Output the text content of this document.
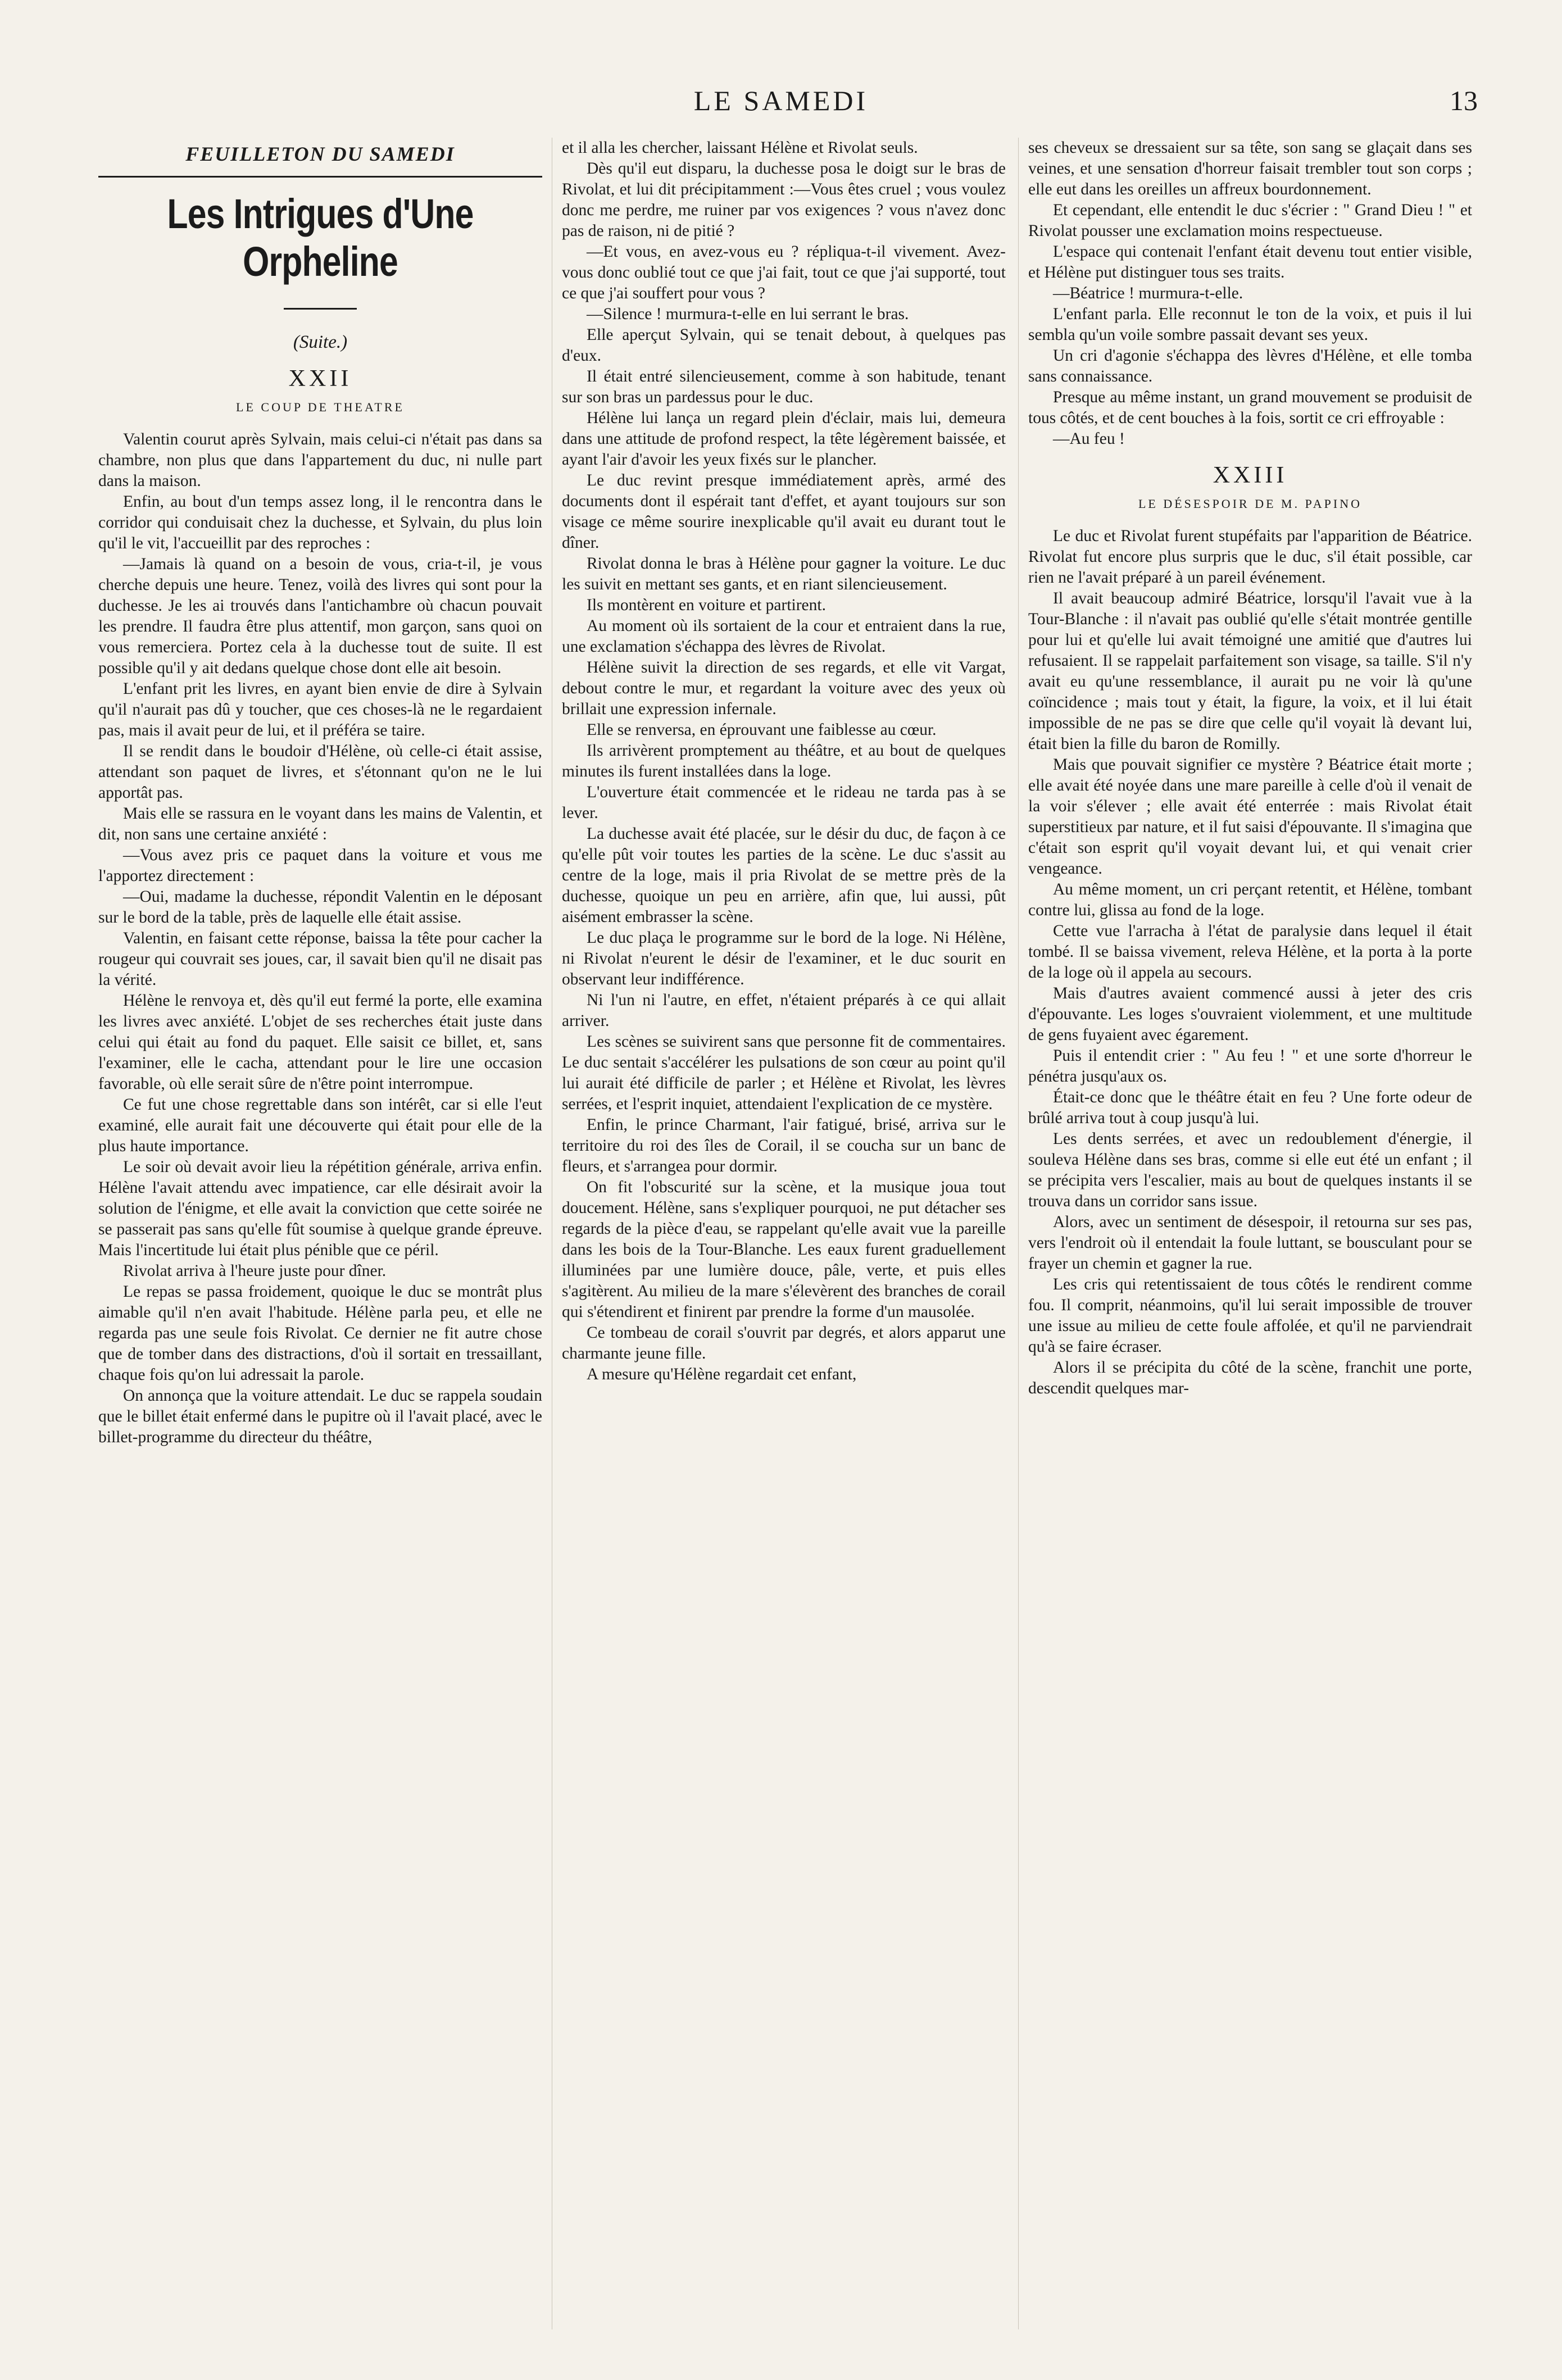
LE SAMEDI	13
FEUILLETON DU SAMEDI
Les Intrigues d'Une Orpheline
(Suite.)
XXII
LE COUP DE THEATRE

Valentin courut après Sylvain, mais celui-ci n'était pas dans sa chambre, non plus que dans l'appartement du duc, ni nulle part dans la maison.

Enfin, au bout d'un temps assez long, il le rencontra dans le corridor qui conduisait chez la duchesse, et Sylvain, du plus loin qu'il le vit, l'accueillit par des reproches :

—Jamais là quand on a besoin de vous, cria-t-il, je vous cherche depuis une heure. Tenez, voilà des livres qui sont pour la duchesse. Je les ai trouvés dans l'antichambre où chacun pouvait les prendre. Il faudra être plus attentif, mon garçon, sans quoi on vous remerciera. Portez cela à la duchesse tout de suite. Il est possible qu'il y ait dedans quelque chose dont elle ait besoin.

L'enfant prit les livres, en ayant bien envie de dire à Sylvain qu'il n'aurait pas dû y toucher, que ces choses-là ne le regardaient pas, mais il avait peur de lui, et il préféra se taire.

Il se rendit dans le boudoir d'Hélène, où celle-ci était assise, attendant son paquet de livres, et s'étonnant qu'on ne le lui apportât pas.

Mais elle se rassura en le voyant dans les mains de Valentin, et dit, non sans une certaine anxiété :

—Vous avez pris ce paquet dans la voiture et vous me l'apportez directement :

—Oui, madame la duchesse, répondit Valentin en le déposant sur le bord de la table, près de laquelle elle était assise.

Valentin, en faisant cette réponse, baissa la tête pour cacher la rougeur qui couvrait ses joues, car, il savait bien qu'il ne disait pas la vérité.

Hélène le renvoya et, dès qu'il eut fermé la porte, elle examina les livres avec anxiété. L'objet de ses recherches était juste dans celui qui était au fond du paquet. Elle saisit ce billet, et, sans l'examiner, elle le cacha, attendant pour le lire une occasion favorable, où elle serait sûre de n'être point interrompue.

Ce fut une chose regrettable dans son intérêt, car si elle l'eut examiné, elle aurait fait une découverte qui était pour elle de la plus haute importance.

Le soir où devait avoir lieu la répétition générale, arriva enfin. Hélène l'avait attendu avec impatience, car elle désirait avoir la solution de l'énigme, et elle avait la conviction que cette soirée ne se passerait pas sans qu'elle fût soumise à quelque grande épreuve. Mais l'incertitude lui était plus pénible que ce péril.

Rivolat arriva à l'heure juste pour dîner.

Le repas se passa froidement, quoique le duc se montrât plus aimable qu'il n'en avait l'habitude. Hélène parla peu, et elle ne regarda pas une seule fois Rivolat. Ce dernier ne fit autre chose que de tomber dans des distractions, d'où il sortait en tressaillant, chaque fois qu'on lui adressait la parole.

On annonça que la voiture attendait. Le duc se rappela soudain que le billet était enfermé dans le pupitre où il l'avait placé, avec le billet-programme du directeur du théâtre,

et il alla les chercher, laissant Hélène et Rivolat seuls.

Dès qu'il eut disparu, la duchesse posa le doigt sur le bras de Rivolat, et lui dit précipitamment :—Vous êtes cruel ; vous voulez donc me perdre, me ruiner par vos exigences ? vous n'avez donc pas de raison, ni de pitié ?

—Et vous, en avez-vous eu ? répliqua-t-il vivement. Avez-vous donc oublié tout ce que j'ai fait, tout ce que j'ai supporté, tout ce que j'ai souffert pour vous ?

—Silence ! murmura-t-elle en lui serrant le bras.

Elle aperçut Sylvain, qui se tenait debout, à quelques pas d'eux.

Il était entré silencieusement, comme à son habitude, tenant sur son bras un pardessus pour le duc.

Hélène lui lança un regard plein d'éclair, mais lui, demeura dans une attitude de profond respect, la tête légèrement baissée, et ayant l'air d'avoir les yeux fixés sur le plancher.

Le duc revint presque immédiatement après, armé des documents dont il espérait tant d'effet, et ayant toujours sur son visage ce même sourire inexplicable qu'il avait eu durant tout le dîner.

Rivolat donna le bras à Hélène pour gagner la voiture. Le duc les suivit en mettant ses gants, et en riant silencieusement.

Ils montèrent en voiture et partirent.

Au moment où ils sortaient de la cour et entraient dans la rue, une exclamation s'échappa des lèvres de Rivolat.

Hélène suivit la direction de ses regards, et elle vit Vargat, debout contre le mur, et regardant la voiture avec des yeux où brillait une expression infernale.

Elle se renversa, en éprouvant une faiblesse au cœur.

Ils arrivèrent promptement au théâtre, et au bout de quelques minutes ils furent installées dans la loge.

L'ouverture était commencée et le rideau ne tarda pas à se lever.

La duchesse avait été placée, sur le désir du duc, de façon à ce qu'elle pût voir toutes les parties de la scène. Le duc s'assit au centre de la loge, mais il pria Rivolat de se mettre près de la duchesse, quoique un peu en arrière, afin que, lui aussi, pût aisément embrasser la scène.

Le duc plaça le programme sur le bord de la loge. Ni Hélène, ni Rivolat n'eurent le désir de l'examiner, et le duc sourit en observant leur indifférence.

Ni l'un ni l'autre, en effet, n'étaient préparés à ce qui allait arriver.

Les scènes se suivirent sans que personne fit de commentaires. Le duc sentait s'accélérer les pulsations de son cœur au point qu'il lui aurait été difficile de parler ; et Hélène et Rivolat, les lèvres serrées, et l'esprit inquiet, attendaient l'explication de ce mystère.

Enfin, le prince Charmant, l'air fatigué, brisé, arriva sur le territoire du roi des îles de Corail, il se coucha sur un banc de fleurs, et s'arrangea pour dormir.

On fit l'obscurité sur la scène, et la musique joua tout doucement. Hélène, sans s'expliquer pourquoi, ne put détacher ses regards de la pièce d'eau, se rappelant qu'elle avait vue la pareille dans les bois de la Tour-Blanche. Les eaux furent graduellement illuminées par une lumière douce, pâle, verte, et puis elles s'agitèrent. Au milieu de la mare s'élevèrent des branches de corail qui s'étendirent et finirent par prendre la forme d'un mausolée.

Ce tombeau de corail s'ouvrit par degrés, et alors apparut une charmante jeune fille.

A mesure qu'Hélène regardait cet enfant,

ses cheveux se dressaient sur sa tête, son sang se glaçait dans ses veines, et une sensation d'horreur faisait trembler tout son corps ; elle eut dans les oreilles un affreux bourdonnement.

Et cependant, elle entendit le duc s'écrier : " Grand Dieu ! " et Rivolat pousser une exclamation moins respectueuse.

L'espace qui contenait l'enfant était devenu tout entier visible, et Hélène put distinguer tous ses traits.

—Béatrice ! murmura-t-elle.

L'enfant parla. Elle reconnut le ton de la voix, et puis il lui sembla qu'un voile sombre passait devant ses yeux.

Un cri d'agonie s'échappa des lèvres d'Hélène, et elle tomba sans connaissance.

Presque au même instant, un grand mouvement se produisit de tous côtés, et de cent bouches à la fois, sortit ce cri effroyable :

—Au feu !

XXIII
LE DÉSESPOIR DE M. PAPINO

Le duc et Rivolat furent stupéfaits par l'apparition de Béatrice. Rivolat fut encore plus surpris que le duc, s'il était possible, car rien ne l'avait préparé à un pareil événement.

Il avait beaucoup admiré Béatrice, lorsqu'il l'avait vue à la Tour-Blanche : il n'avait pas oublié qu'elle s'était montrée gentille pour lui et qu'elle lui avait témoigné une amitié que d'autres lui refusaient. Il se rappelait parfaitement son visage, sa taille. S'il n'y avait eu qu'une ressemblance, il aurait pu ne voir là qu'une coïncidence ; mais tout y était, la figure, la voix, et il lui était impossible de ne pas se dire que celle qu'il voyait là devant lui, était bien la fille du baron de Romilly.

Mais que pouvait signifier ce mystère ? Béatrice était morte ; elle avait été noyée dans une mare pareille à celle d'où il venait de la voir s'élever ; elle avait été enterrée : mais Rivolat était superstitieux par nature, et il fut saisi d'épouvante. Il s'imagina que c'était son esprit qu'il voyait devant lui, et qui venait crier vengeance.

Au même moment, un cri perçant retentit, et Hélène, tombant contre lui, glissa au fond de la loge.

Cette vue l'arracha à l'état de paralysie dans lequel il était tombé. Il se baissa vivement, releva Hélène, et la porta à la porte de la loge où il appela au secours.

Mais d'autres avaient commencé aussi à jeter des cris d'épouvante. Les loges s'ouvraient violemment, et une multitude de gens fuyaient avec égarement.

Puis il entendit crier : " Au feu ! " et une sorte d'horreur le pénétra jusqu'aux os.

Était-ce donc que le théâtre était en feu ? Une forte odeur de brûlé arriva tout à coup jusqu'à lui.

Les dents serrées, et avec un redoublement d'énergie, il souleva Hélène dans ses bras, comme si elle eut été un enfant ; il se précipita vers l'escalier, mais au bout de quelques instants il se trouva dans un corridor sans issue.

Alors, avec un sentiment de désespoir, il retourna sur ses pas, vers l'endroit où il entendait la foule luttant, se bousculant pour se frayer un chemin et gagner la rue.

Les cris qui retentissaient de tous côtés le rendirent comme fou. Il comprit, néanmoins, qu'il lui serait impossible de trouver une issue au milieu de cette foule affolée, et qu'il ne parviendrait qu'à se faire écraser.

Alors il se précipita du côté de la scène, franchit une porte, descendit quelques mar-
